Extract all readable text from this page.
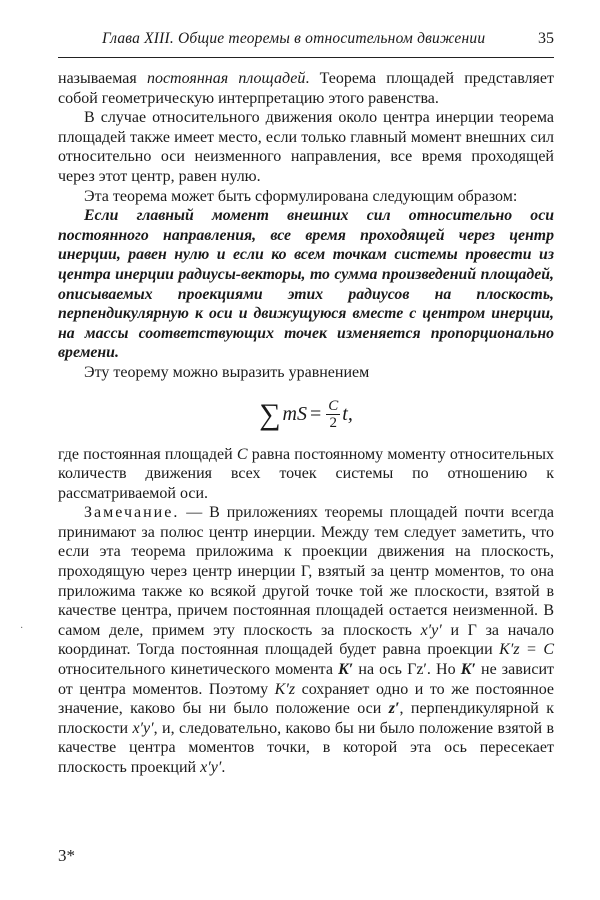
Глава XIII. Общие теоремы в относительном движении	35

называемая постоянная площадей. Теорема площадей представляет собой геометрическую интерпретацию этого равенства.

В случае относительного движения около центра инерции теорема площадей также имеет место, если только главный момент внешних сил относительно оси неизменного направления, все время проходящей через этот центр, равен нулю.

Эта теорема может быть сформулирована следующим образом:

Если главный момент внешних сил относительно оси постоянного направления, все время проходящей через центр инерции, равен нулю и если ко всем точкам системы провести из центра инерции радиусы-векторы, то сумма произведений площадей, описываемых проекциями этих радиусов на плоскость, перпендикулярную к оси и движущуюся вместе с центром инерции, на массы соответствующих точек изменяется пропорционально времени.

Эту теорему можно выразить уравнением

∑ mS = $\frac{C}{2} t$,

где постоянная площадей C равна постоянному моменту относительных количеств движения всех точек системы по отношению к рассматриваемой оси.

Замечание. — В приложениях теоремы площадей почти всегда принимают за полюс центр инерции. Между тем следует заметить, что если эта теорема приложима к проекции движения на плоскость, проходящую через центр инерции Γ, взятый за центр моментов, то она приложима также ко всякой другой точке той же плоскости, взятой в качестве центра, причем постоянная площадей остается неизменной. В самом деле, примем эту плоскость за плоскость x′y′ и Γ за начало координат. Тогда постоянная площадей будет равна проекции K′z = C относительного кинетического момента K′ на ось Γz′. Но K′ не зависит от центра моментов. Поэтому K′z сохраняет одно и то же постоянное значение, каково бы ни было положение оси z′, перпендикулярной к плоскости x′y′, и, следовательно, каково бы ни было положение взятой в качестве центра моментов точки, в которой эта ось пересекает плоскость проекций x′y′.

·
3*
